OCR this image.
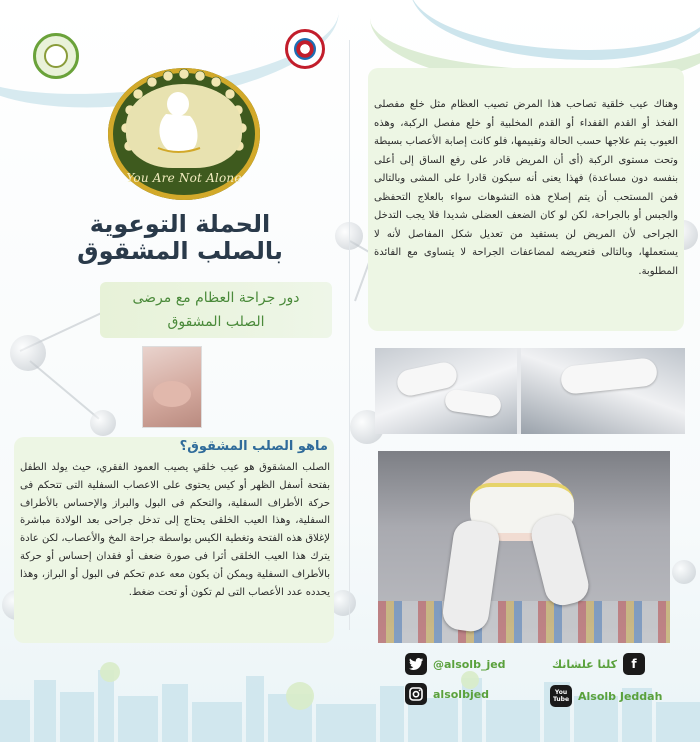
You Are Not Alone
الحملة التوعوية
بالصلب المشقوق
دور جراحة العظام مع مرضى
الصلب المشقوق
ماهو الصلب المشقوق؟
الصلب المشقوق هو عيب خلقي يصيب العمود الفقري، حيث يولد الطفل بفتحة أسفل الظهر أو كيس يحتوى على الاعصاب السفلية التى تتحكم فى حركة الأطراف السفلية، والتحكم فى البول والبراز والإحساس بالأطراف السفلية، وهذا العيب الخلقى يحتاج إلى تدخل جراحى بعد الولادة مباشرة لإغلاق هذه الفتحة وتغطية الكيس بواسطة جراحة المخ والأعصاب، لكن عادة يترك هذا العيب الخلقى أثرا فى صورة ضعف أو فقدان إحساس أو حركة بالأطراف السفلية ويمكن أن يكون معه عدم تحكم فى البول أو البراز، وهذا يحدده عدد الأعصاب التى لم تكون أو تحت ضغط.
وهناك عيب خلقية تصاحب هذا المرض تصيب العظام مثل خلع مفصلى الفخذ أو القدم القفداء أو القدم المخلبية أو خلع مفصل الركبة، وهذه العيوب يتم علاجها حسب الحالة وتقييمها، فلو كانت إصابة الأعصاب بسيطة وتحت مستوى الركبة (أى أن المريض قادر على رفع الساق إلى أعلى بنفسه دون مساعدة) فهذا يعنى أنه سيكون قادرا على المشى وبالتالى فمن المستحب أن يتم إصلاح هذه التشوهات سواء بالعلاج التحفظى والجبس أو بالجراحة، لكن لو كان الضعف العضلى شديدا فلا يجب التدخل الجراحى لأن المريض لن يستفيد من تعديل شكل المفاصل لأنه لا يستعملها، وبالتالى فتعريضه لمضاعفات الجراحة لا يتساوى مع الفائدة المطلوبة.
@alsolb_jed
alsolbjed
f
كلنا علشانك
You Tube Alsolb Jeddah
